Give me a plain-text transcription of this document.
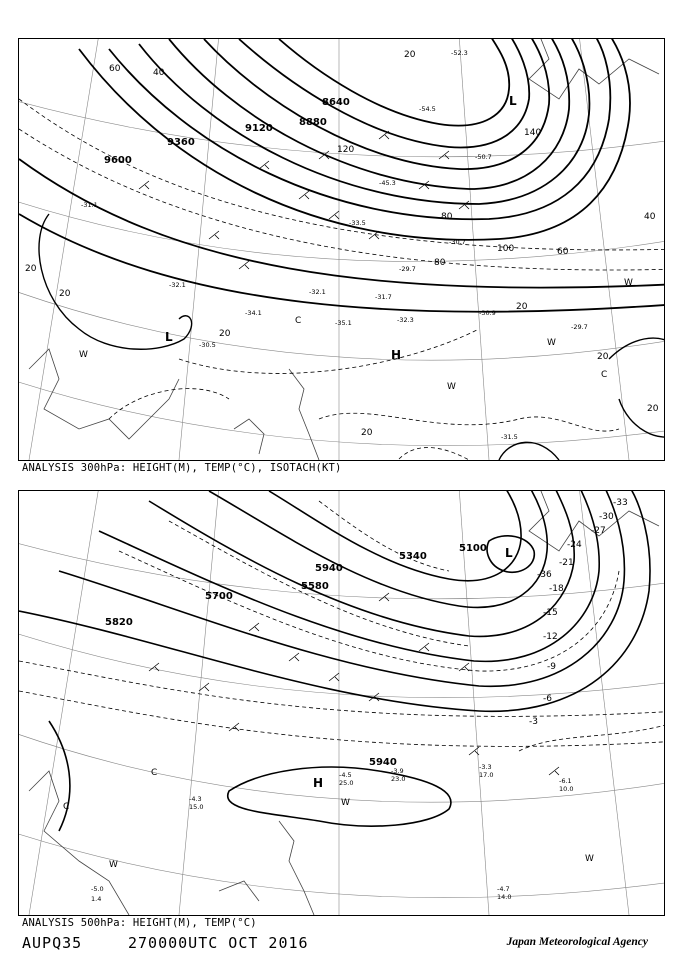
9360
9600
9120
8880
8640
20
40
60
80
100
120
140
20
40
60
80
20
20
20
20
20
20
L
L
H
C
C
W
W
W
W
-31.1
-32.1
-34.1
-32.1
-35.1
-31.7
-30.9
-29.7
-31.5
-30.5
-33.5
-32.3
-29.7
-30.7
-45.3
-52.3
-54.5
-50.7
ANALYSIS 300hPa: HEIGHT(M), TEMP(°C), ISOTACH(KT)
5820
5700
5940
5580
5940
5340
5100
-3
-6
-9
-12
-15
-18
-21
-24
-27
-30
-33
-36
L
H
C
C
W
W
W
-3.3
17.0
-6.1
10.0
-3.9
23.0
-4.5
25.0
-4.7
14.0
-5.0
1.4
-4.3
15.0
ANALYSIS 500hPa: HEIGHT(M), TEMP(°C)
AUPQ35	270000UTC OCT 2016	Japan Meteorological Agency
